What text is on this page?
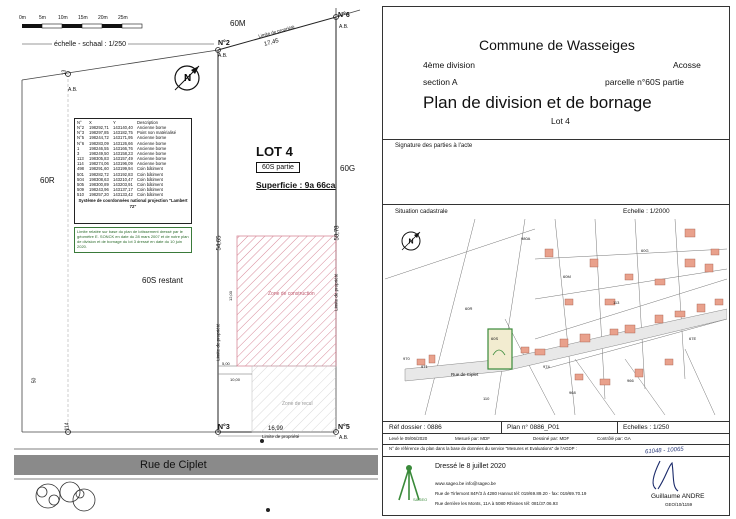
N
0m	5m 10m 15m 20m 25m
échelle - schaal : 1/250	N°2
N°6
N°3	N°5
13
114
A.B.
A.B.
A.B.
A.B.
60M
60R
60G
60S restant
17,45
Limite de propriété
54,65
58,78
Limite de propriété
Limite de propriété
16,99
Limite de propriété
50
5,00
10,00
12,00
LOT 4
60S partie
Superficie : 9a 66ca
Zone de construction
Zone de recul
Rue de Ciplet
N°	X	Y	Description
N°2	198292,71	143140,40	Ancienne borne
N°3	198297,85	143182,75	Point non matérialisé
N°5	198244,72	143171,95	Ancienne borne
N°6	198283,09	143126,66	Ancienne borne
1	198246,55	143166,76	Ancienne borne
3	198249,50	143158,23	Ancienne borne
113	198305,83	143157,49	Ancienne borne
114	198274,06	143196,09	Ancienne borne
498	198291,60	143199,94	Coin bâtiment
501	198282,72	143192,83	Coin bâtiment
504	198308,63	143210,47	Coin bâtiment
505	198300,89	143203,91	Coin bâtiment
509	198243,96	143137,17	Coin bâtiment
510	198257,20	143133,42	Coin bâtiment
Système de coordonnées national projection "Lambert 72"
Limite relatée sur base du plan de lotissement dressé par le géomètre E. SONCK en date du 28 mars 2007 et de notre plan de division et de bornage du lot 3 dressé en date du 10 juin 2020.
Commune de Wasseiges
4ème division	Acosse
section A	parcelle n°60S partie
Plan de division et de bornage
Lot 4
Signature des parties à l'acte
Situation cadastrale	Echelle : 1/2000
N
Rue de Ciplet
980A
60G
60R
60S
60M
113
970
971	974
110
968
966
67E
Réf dossier : 0886	Plan n° 0886_P01	Echelles : 1/250
Levé le 09/06/2020	Mesuré par: MDF	Dessiné par: MDF	Contrôlé par: GA
N° de référence du plan dans la base de données du service "Mesures et Evaluations" de l'AGDP :	61048 - 10065
SAGEO
Dressé le 8 juillet 2020
www.sageo.be info@sageo.be
Rue de Tirlemont 84F/3 à 4280 Hannut tél: 019/69.89.20 - fax: 019/69.70.19
Rue derrière les Monts, 11A à 5080 Rhisnes tél: 081/37.06.93
Guillaume ANDRE
GEO/10/1159
